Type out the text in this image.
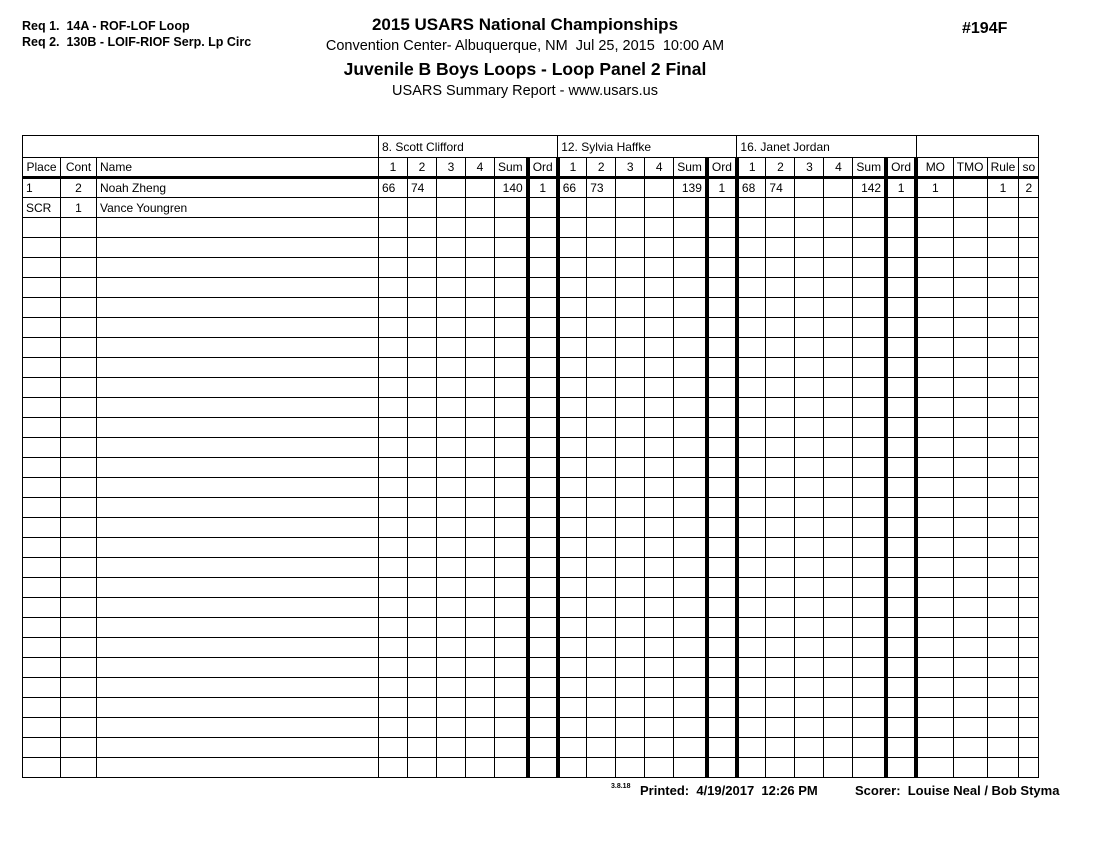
Req 1.  14A - ROF-LOF Loop
Req 2.  130B - LOIF-RIOF Serp. Lp Circ
2015 USARS National Championships
Convention Center- Albuquerque, NM  Jul 25, 2015  10:00 AM
Juvenile B Boys Loops - Loop Panel 2 Final
USARS Summary Report - www.usars.us
#194F
			8. Scott Clifford						12. Sylvia Haffke						16. Janet Jordan									
Place	Cont	Name	1	2	3	4	Sum	Ord	1	2	3	4	Sum	Ord	1	2	3	4	Sum	Ord	MO	TMO	Rule	so
1	2	Noah Zheng	66	74			140	1	66	73			139	1	68	74			142	1	1		1	2
SCR	1	Vance Youngren																						

3.8.18 Printed:  4/19/2017  12:26 PM	Scorer:  Louise Neal / Bob Styma
